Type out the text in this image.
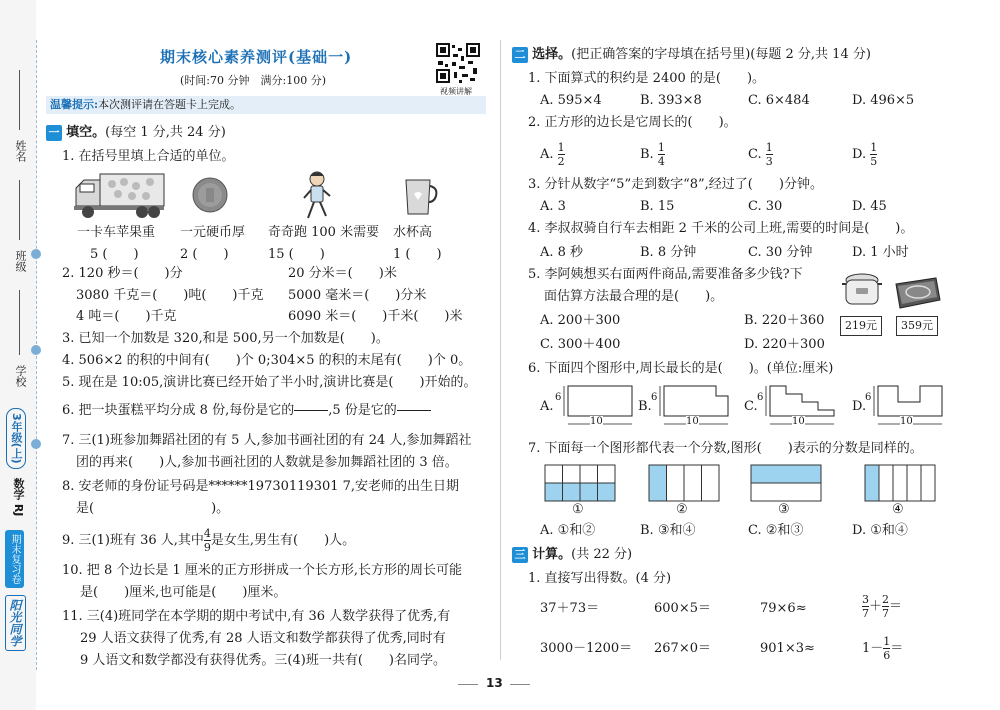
姓名
班级
学校
3年级(上)
数学 RJ
期末复习卷
阳光同学
期末核心素养测评(基础一)
(时间:70 分钟　满分:100 分)
视频讲解
温馨提示:本次测评请在答题卡上完成。
一 填空。(每空 1 分,共 24 分)
1. 在括号里填上合适的单位。
一卡车苹果重 一元硬币厚 奇奇跑 100 米需要 水杯高
5 (　　)	2 (　　)	15 (　　)	1 (　　)
2. 120 秒＝(　　)分	20 分米＝(　　)米
3080 千克＝(　　)吨(　　)千克 5000 毫米＝(　　)分米
4 吨＝(　　)千克	6090 米＝(　　)千米(　　)米
3. 已知一个加数是 320,和是 500,另一个加数是(　　)。
4. 506×2 的积的中间有(　　)个 0;304×5 的积的末尾有(　　)个 0。
5. 现在是 10:05,演讲比赛已经开始了半小时,演讲比赛是(　　)开始的。
6. 把一块蛋糕平均分成 8 份,每份是它的

	,5 份是它的

7. 三(1)班参加舞蹈社团的有 5 人,参加书画社团的有 24 人,参加舞蹈社
团的再来(　　)人,参加书画社团的人数就是参加舞蹈社团的 3 倍。
8. 安老师的身份证号码是******19730119301 7,安老师的出生日期
是(　　　　　　　　　)。
9. 三(1)班有 36 人,其中 $\frac{4}{9}$ 是女生,男生有(　　)人。
10. 把 8 个边长是 1 厘米的正方形拼成一个长方形,长方形的周长可能
是(　　)厘米,也可能是(　　)厘米。
11. 三(4)班同学在本学期的期中考试中,有 36 人数学获得了优秀,有
29 人语文获得了优秀,有 28 人语文和数学都获得了优秀,同时有
9 人语文和数学都没有获得优秀。三(4)班一共有(　　)名同学。
二 选择。(把正确答案的字母填在括号里)(每题 2 分,共 14 分)
1. 下面算式的积约是 2400 的是(　　)。
A. 595×4	B. 393×8	C. 6×484	D. 496×5
2. 正方形的边长是它周长的(　　)。
A. $\frac{1}{2}$	B. $\frac{1}{4}$	C. $\frac{1}{3}$	D. $\frac{1}{5}$
3. 分针从数字“5”走到数字“8”,经过了(　　)分钟。
A. 3	B. 15	C. 30	D. 45
4. 李叔叔骑自行车去相距 2 千米的公司上班,需要的时间是(　　)。
A. 8 秒	B. 8 分钟	C. 30 分钟	D. 1 小时
5. 李阿姨想买右面两件商品,需要准备多少钱?下
面估算方法最合理的是(　　)。
A. 200＋300	B. 220＋360
C. 300＋400	D. 220＋300
219元	359元
6. 下面四个图形中,周长最长的是(　　)。(单位:厘米)
A.
6
10
B.
6
10
C.
6
10
D.
6
10
7. 下面每一个图形都代表一个分数,图形(　　)表示的分数是同样的。
①	②	③	④
A. ①和②	B. ③和④	C. ②和③	D. ①和④
三 计算。(共 22 分)
1. 直接写出得数。(4 分)
37＋73＝	600×5＝	79×6≈	$\frac{3}{7} + \frac{2}{7}$ ＝
3000－1200＝ 267×0＝	901×3≈	$1- \frac{1}{6}$ ＝
13
